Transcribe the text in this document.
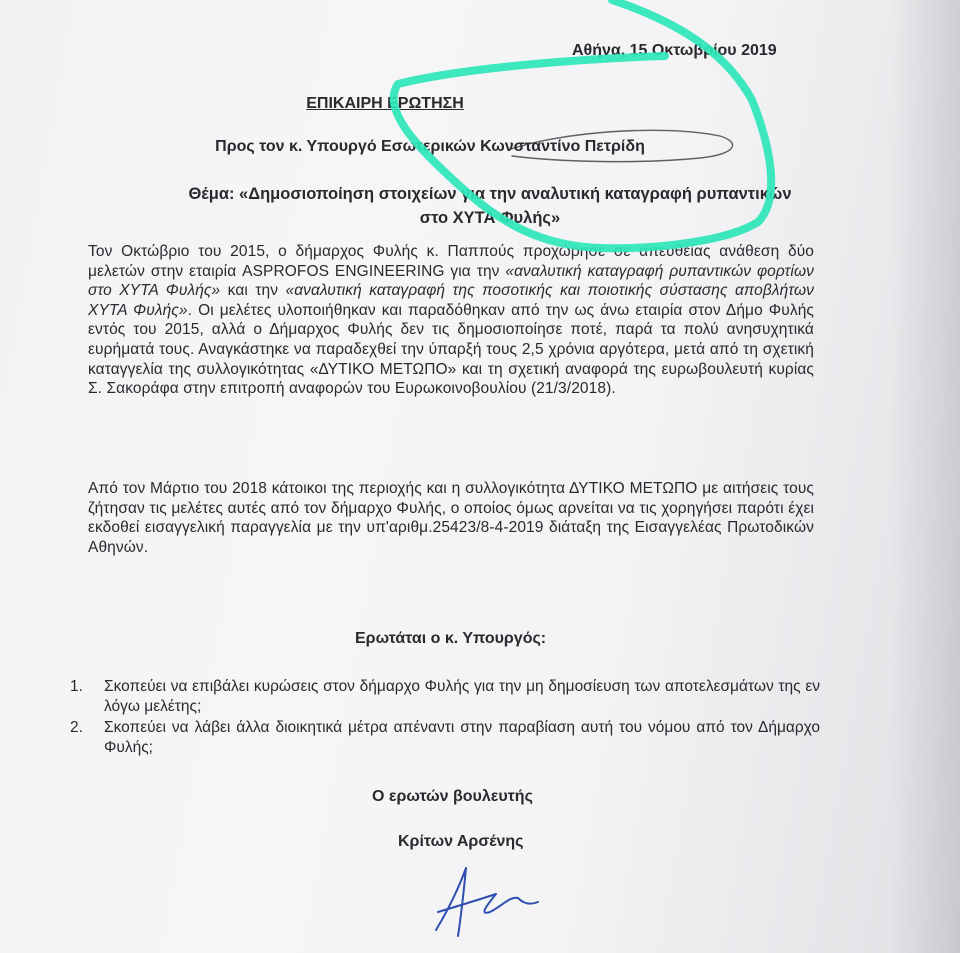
Αθήνα, 15 Οκτωβρίου 2019
ΕΠΙΚΑΙΡΗ ΕΡΩΤΗΣΗ
Προς τον κ. Υπουργό Εσωτερικών Κωνσταντίνο Πετρίδη
Θέμα: «Δημοσιοποίηση στοιχείων για την αναλυτική καταγραφή ρυπαντικών
στο ΧΥΤΑ Φυλής»
Τον Οκτώβριο του 2015, ο δήμαρχος Φυλής κ. Παππούς προχώρησε σε απευθείας ανάθεση δύο μελετών στην εταιρία ASPROFOS ENGINEERING για την «αναλυτική καταγραφή ρυπαντικών φορτίων στο ΧΥΤΑ Φυλής» και την «αναλυτική καταγραφή της ποσοτικής και ποιοτικής σύστασης αποβλήτων ΧΥΤΑ Φυλής». Οι μελέτες υλοποιήθηκαν και παραδόθηκαν από την ως άνω εταιρία στον Δήμο Φυλής εντός του 2015, αλλά ο Δήμαρχος Φυλής δεν τις δημοσιοποίησε ποτέ, παρά τα πολύ ανησυχητικά ευρήματά τους. Αναγκάστηκε να παραδεχθεί την ύπαρξή τους 2,5 χρόνια αργότερα, μετά από τη σχετική καταγγελία της συλλογικότητας «ΔΥΤΙΚΟ ΜΕΤΩΠΟ» και τη σχετική αναφορά της ευρωβουλευτή κυρίας Σ. Σακοράφα στην επιτροπή αναφορών του Ευρωκοινοβουλίου (21/3/2018).
Από τον Μάρτιο του 2018 κάτοικοι της περιοχής και η συλλογικότητα ΔΥΤΙΚΟ ΜΕΤΩΠΟ με αιτήσεις τους ζήτησαν τις μελέτες αυτές από τον δήμαρχο Φυλής, ο οποίος όμως αρνείται να τις χορηγήσει παρότι έχει εκδοθεί εισαγγελική παραγγελία με την υπ'αριθμ.25423/8-4-2019 διάταξη της Εισαγγελέας Πρωτοδικών Αθηνών.
Ερωτάται ο κ. Υπουργός:
1.	Σκοπεύει να επιβάλει κυρώσεις στον δήμαρχο Φυλής για την μη δημοσίευση των αποτελεσμάτων της εν λόγω μελέτης;
2.	Σκοπεύει να λάβει άλλα διοικητικά μέτρα απέναντι στην παραβίαση αυτή του νόμου από τον Δήμαρχο Φυλής;
Ο ερωτών βουλευτής
Κρίτων Αρσένης
